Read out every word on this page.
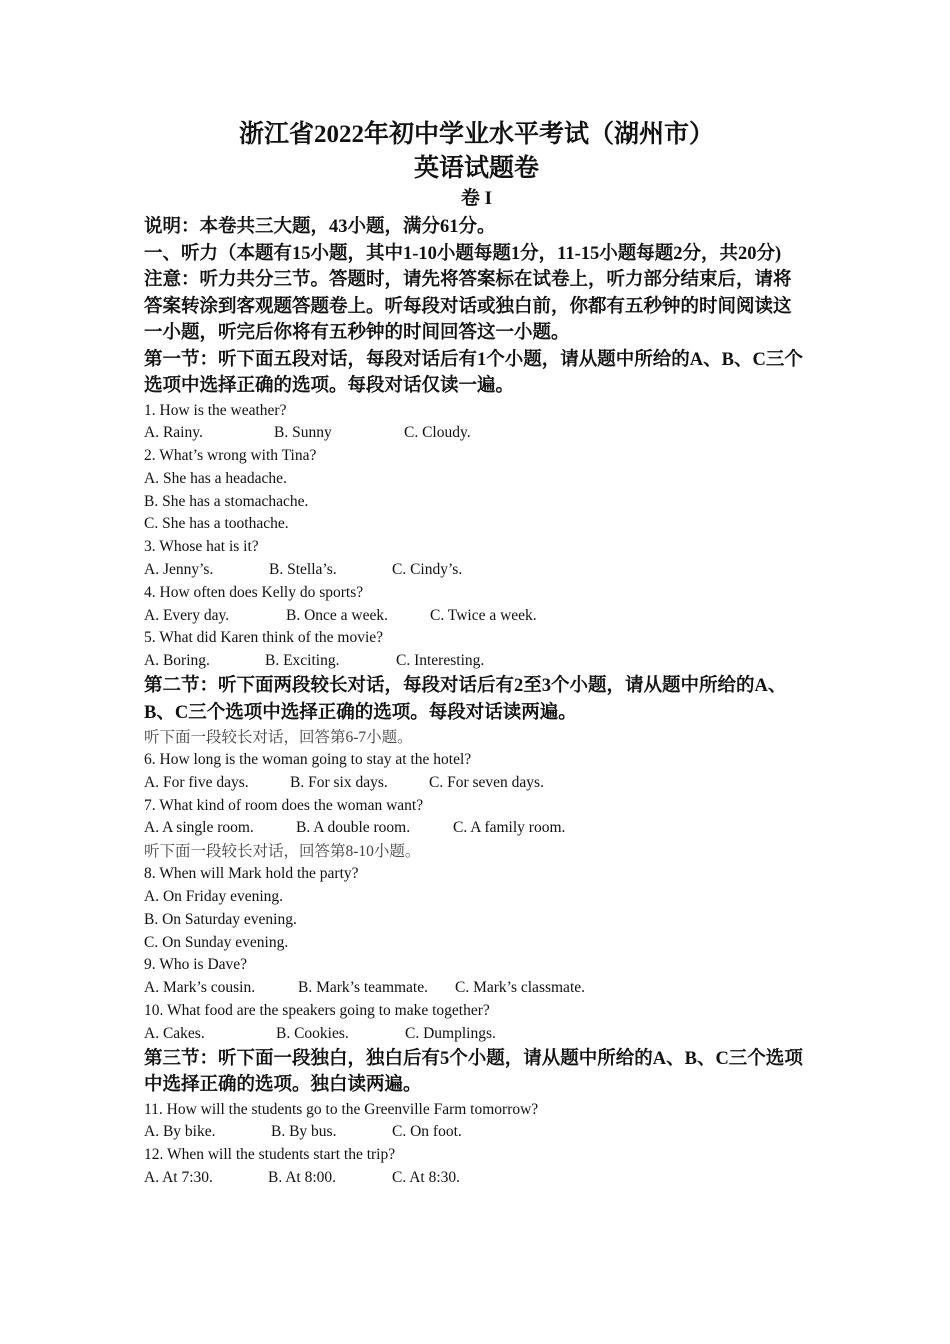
浙江省2022年初中学业水平考试（湖州市）

英语试题卷

卷 I

说明：本卷共三大题，43小题，满分61分。

一、听力（本题有15小题，其中1-10小题每题1分，11-15小题每题2分，共20分)

注意：听力共分三节。答题时，请先将答案标在试卷上，听力部分结束后，请将答案转涂到客观题答题卷上。听每段对话或独白前，你都有五秒钟的时间阅读这一小题，听完后你将有五秒钟的时间回答这一小题。

第一节：听下面五段对话，每段对话后有1个小题，请从题中所给的A、B、C三个选项中选择正确的选项。每段对话仅读一遍。

1. How is the weather?

A. Rainy.	B. Sunny	C. Cloudy.

2. What’s wrong with Tina?

A. She has a headache.

B. She has a stomachache.

C. She has a toothache.

3. Whose hat is it?

A. Jenny’s.	B. Stella’s.	C. Cindy’s.

4. How often does Kelly do sports?

A. Every day.	B. Once a week.	C. Twice a week.

5. What did Karen think of the movie?

A. Boring.	B. Exciting.	C. Interesting.

第二节：听下面两段较长对话，每段对话后有2至3个小题，请从题中所给的A、B、C三个选项中选择正确的选项。每段对话读两遍。

听下面一段较长对话，回答第6-7小题。

6. How long is the woman going to stay at the hotel?

A. For five days.	B. For six days.	C. For seven days.

7. What kind of room does the woman want?

A. A single room.	B. A double room.	C. A family room.

听下面一段较长对话，回答第8-10小题。

8. When will Mark hold the party?

A. On Friday evening.

B. On Saturday evening.

C. On Sunday evening.

9. Who is Dave?

A. Mark’s cousin.	B. Mark’s teammate.	C. Mark’s classmate.

10. What food are the speakers going to make together?

A. Cakes.	B. Cookies.	C. Dumplings.

第三节：听下面一段独白，独白后有5个小题，请从题中所给的A、B、C三个选项中选择正确的选项。独白读两遍。

11. How will the students go to the Greenville Farm tomorrow?

A. By bike.	B. By bus.	C. On foot.

12. When will the students start the trip?

A. At 7:30.	B. At 8:00.	C. At 8:30.
